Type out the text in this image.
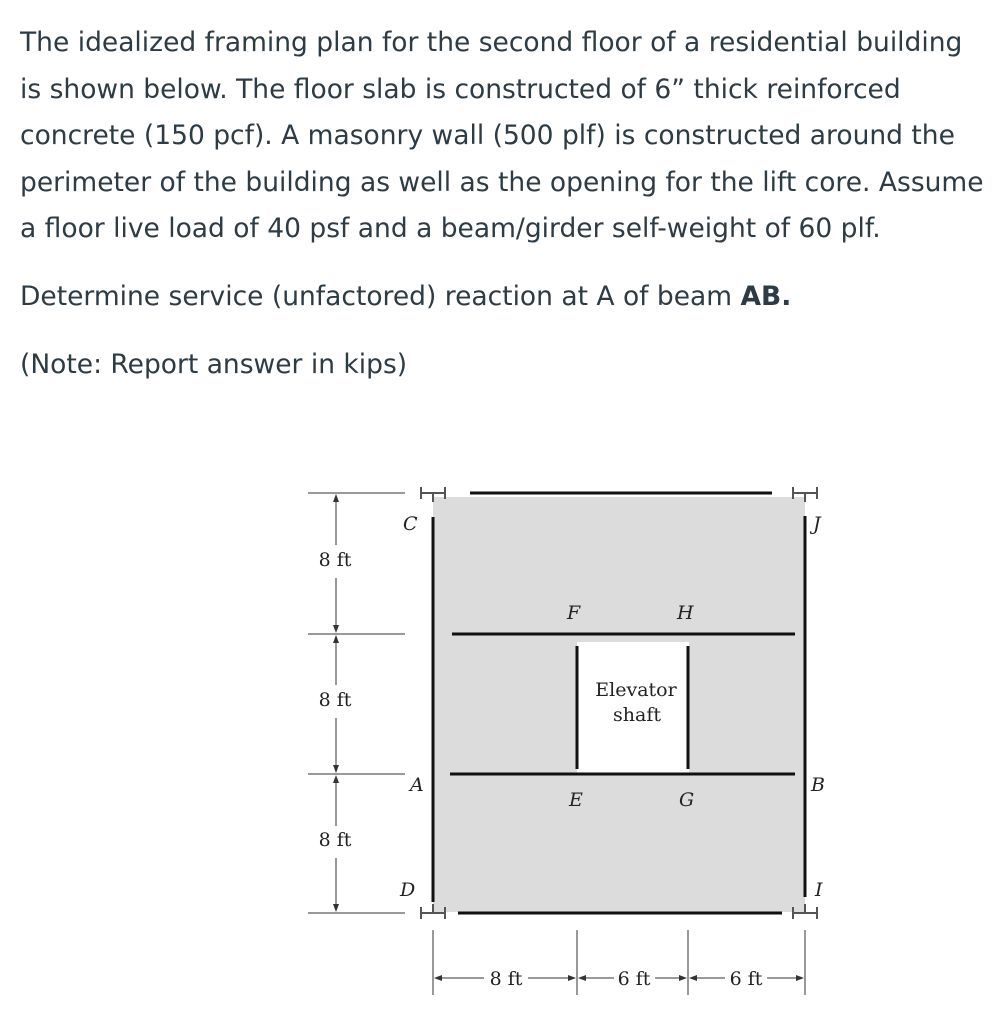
The idealized framing plan for the second floor of a residential building is shown below. The floor slab is constructed of 6” thick reinforced concrete (150 pcf). A masonry wall (500 plf) is constructed around the perimeter of the building as well as the opening for the lift core. Assume a floor live load of 40 psf and a beam/girder self-weight of 60 plf.

Determine service (unfactored) reaction at A of beam AB.

(Note: Report answer in kips)

8 ft
8 ft
8 ft
8 ft	6 ft	6 ft
C	J
F	H
A	B
E	G
D	I
Elevator
shaft
